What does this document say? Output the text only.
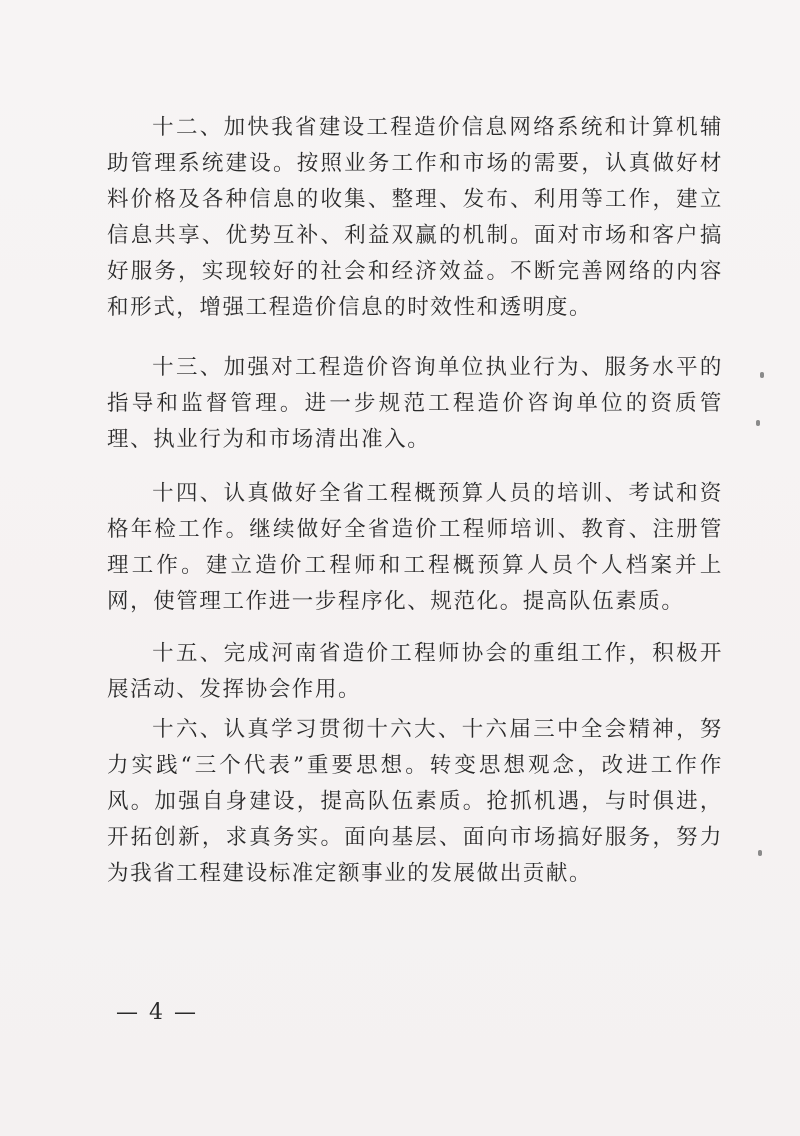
十二、加快我省建设工程造价信息网络系统和计算机辅助管理系统建设。按照业务工作和市场的需要，认真做好材料价格及各种信息的收集、整理、发布、利用等工作，建立信息共享、优势互补、利益双赢的机制。面对市场和客户搞好服务，实现较好的社会和经济效益。不断完善网络的内容和形式，增强工程造价信息的时效性和透明度。

十三、加强对工程造价咨询单位执业行为、服务水平的指导和监督管理。进一步规范工程造价咨询单位的资质管理、执业行为和市场清出准入。

十四、认真做好全省工程概预算人员的培训、考试和资格年检工作。继续做好全省造价工程师培训、教育、注册管理工作。建立造价工程师和工程概预算人员个人档案并上网，使管理工作进一步程序化、规范化。提高队伍素质。

十五、完成河南省造价工程师协会的重组工作，积极开展活动、发挥协会作用。

十六、认真学习贯彻十六大、十六届三中全会精神，努力实践“三个代表”重要思想。转变思想观念，改进工作作风。加强自身建设，提高队伍素质。抢抓机遇，与时俱进，开拓创新，求真务实。面向基层、面向市场搞好服务，努力为我省工程建设标准定额事业的发展做出贡献。

— 4 —
